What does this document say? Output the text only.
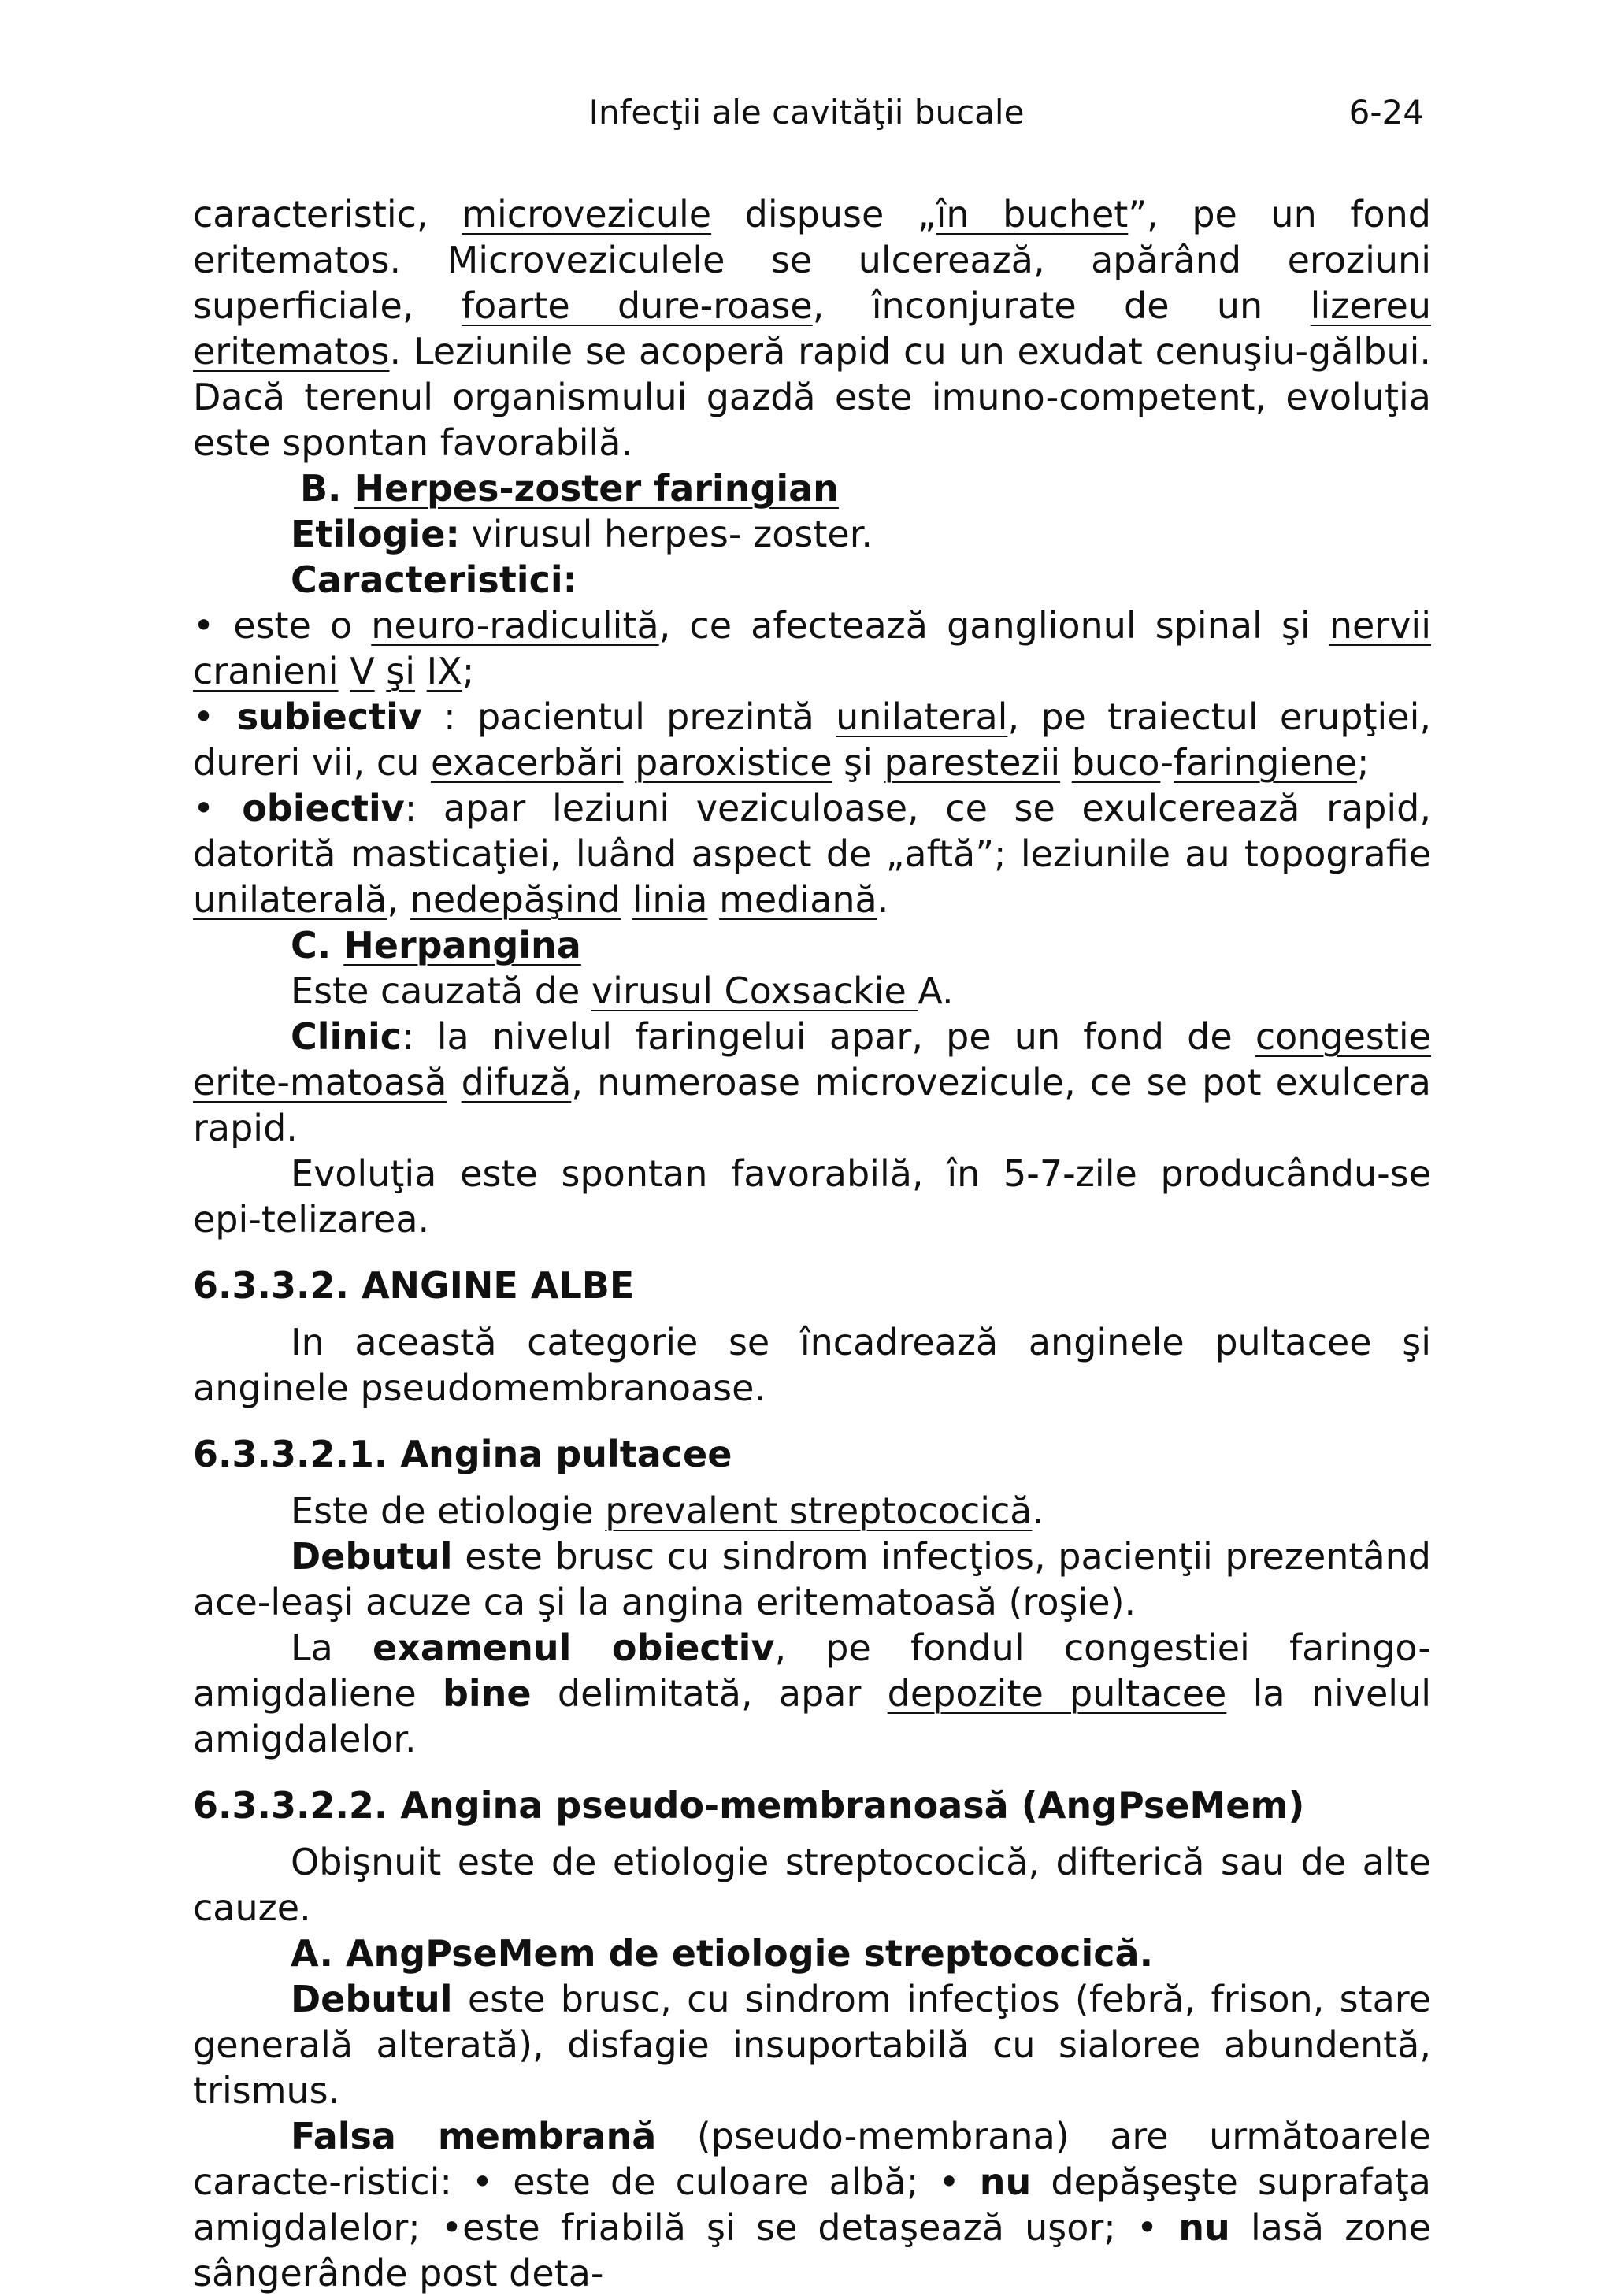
Infecţii ale cavităţii bucale	6-24

caracteristic, microvezicule dispuse „în buchet”, pe un fond eritematos. Microveziculele se ulcerează, apărând eroziuni superficiale, foarte dure-roase, înconjurate de un lizereu eritematos. Leziunile se acoperă rapid cu un exudat cenuşiu-gălbui. Dacă terenul organismului gazdă este imuno-competent, evoluţia este spontan favorabilă.

B. Herpes-zoster faringian

Etilogie: virusul herpes- zoster.

Caracteristici:

• este o neuro-radiculită, ce afectează ganglionul spinal şi nervii cranieni V şi IX;

• subiectiv : pacientul prezintă unilateral, pe traiectul erupţiei, dureri vii, cu exacerbări paroxistice şi parestezii buco-faringiene;

• obiectiv: apar leziuni veziculoase, ce se exulcerează rapid, datorită masticaţiei, luând aspect de „aftă”; leziunile au topografie unilaterală, nedepăşind linia mediană.

C. Herpangina

Este cauzată de virusul Coxsackie A.

Clinic: la nivelul faringelui apar, pe un fond de congestie erite-matoasă difuză, numeroase microvezicule, ce se pot exulcera rapid.

Evoluţia este spontan favorabilă, în 5-7-zile producându-se epi-telizarea.

6.3.3.2. ANGINE ALBE

In această categorie se încadrează anginele pultacee şi anginele pseudomembranoase.

6.3.3.2.1. Angina pultacee

Este de etiologie prevalent streptococică.

Debutul este brusc cu sindrom infecţios, pacienţii prezentând ace-leaşi acuze ca şi la angina eritematoasă (roşie).

La examenul obiectiv, pe fondul congestiei faringo-amigdaliene bine delimitată, apar depozite pultacee la nivelul amigdalelor.

6.3.3.2.2. Angina pseudo-membranoasă (AngPseMem)

Obişnuit este de etiologie streptococică, difterică sau de alte cauze.

A. AngPseMem de etiologie streptococică.

Debutul este brusc, cu sindrom infecţios (febră, frison, stare generală alterată), disfagie insuportabilă cu sialoree abundentă, trismus.

Falsa membrană (pseudo-membrana) are următoarele caracte-ristici: • este de culoare albă; • nu depăşeşte suprafaţa amigdalelor; •este friabilă şi se detaşează uşor; • nu lasă zone sângerânde post deta-
